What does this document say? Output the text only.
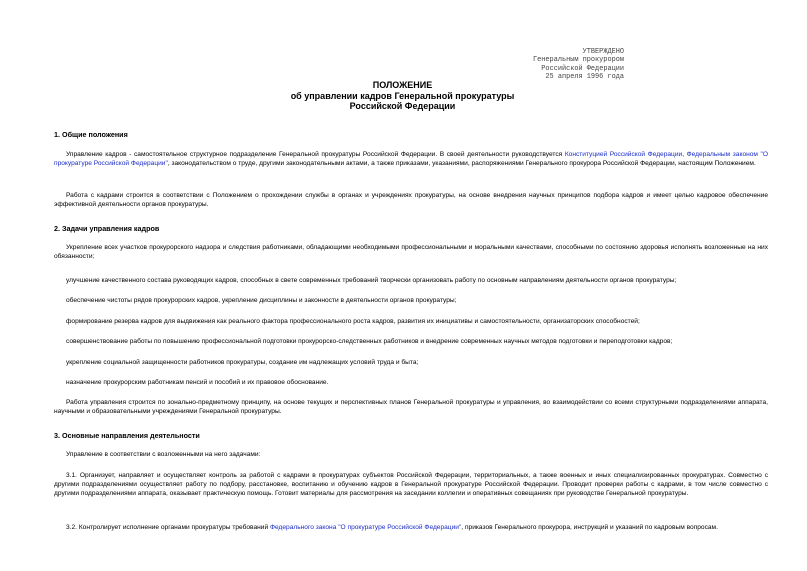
УТВЕРЖДЕНО
Генеральным прокурором
Российской Федерации
25 апреля 1996 года
ПОЛОЖЕНИЕ
об управлении кадров Генеральной прокуратуры
Российской Федерации
1. Общие положения
Управление кадров - самостоятельное структурное подразделение Генеральной прокуратуры Российской Федерации. В своей деятельности руководствуется Конституцией Российской Федерации, Федеральным законом "О прокуратуре Российской Федерации", законодательством о труде, другими законодательными актами, а также приказами, указаниями, распоряжениями Генерального прокурора Российской Федерации, настоящим Положением.
Работа с кадрами строится в соответствии с Положением о прохождении службы в органах и учреждениях прокуратуры, на основе внедрения научных принципов подбора кадров и имеет целью кадровое обеспечение эффективной деятельности органов прокуратуры.
2. Задачи управления кадров
Укрепление всех участков прокурорского надзора и следствия работниками, обладающими необходимыми профессиональными и моральными качествами, способными по состоянию здоровья исполнять возложенные на них обязанности;
улучшение качественного состава руководящих кадров, способных в свете современных требований творчески организовать работу по основным направлениям деятельности органов прокуратуры;
обеспечение чистоты рядов прокурорских кадров, укрепление дисциплины и законности в деятельности органов прокуратуры;
формирование резерва кадров для выдвижения как реального фактора профессионального роста кадров, развития их инициативы и самостоятельности, организаторских способностей;
совершенствование работы по повышению профессиональной подготовки прокурорско-следственных работников и внедрение современных научных методов подготовки и переподготовки кадров;
укрепление социальной защищенности работников прокуратуры, создание им надлежащих условий труда и быта;
назначение прокурорским работникам пенсий и пособий и их правовое обоснование.
Работа управления строится по зонально-предметному принципу, на основе текущих и перспективных планов Генеральной прокуратуры и управления, во взаимодействии со всеми структурными подразделениями аппарата, научными и образовательными учреждениями Генеральной прокуратуры.
3. Основные направления деятельности
Управление в соответствии с возложенными на него задачами:
3.1. Организует, направляет и осуществляет контроль за работой с кадрами в прокуратурах субъектов Российской Федерации, территориальных, а также военных и иных специализированных прокуратурах. Совместно с другими подразделениями осуществляет работу по подбору, расстановке, воспитанию и обучению кадров в Генеральной прокуратуре Российской Федерации. Проводит проверки работы с кадрами, в том числе совместно с другими подразделениями аппарата, оказывает практическую помощь. Готовит материалы для рассмотрения на заседании коллегии и оперативных совещаниях при руководстве Генеральной прокуратуры.
3.2. Контролирует исполнение органами прокуратуры требований Федерального закона "О прокуратуре Российской Федерации", приказов Генерального прокурора, инструкций и указаний по кадровым вопросам.
